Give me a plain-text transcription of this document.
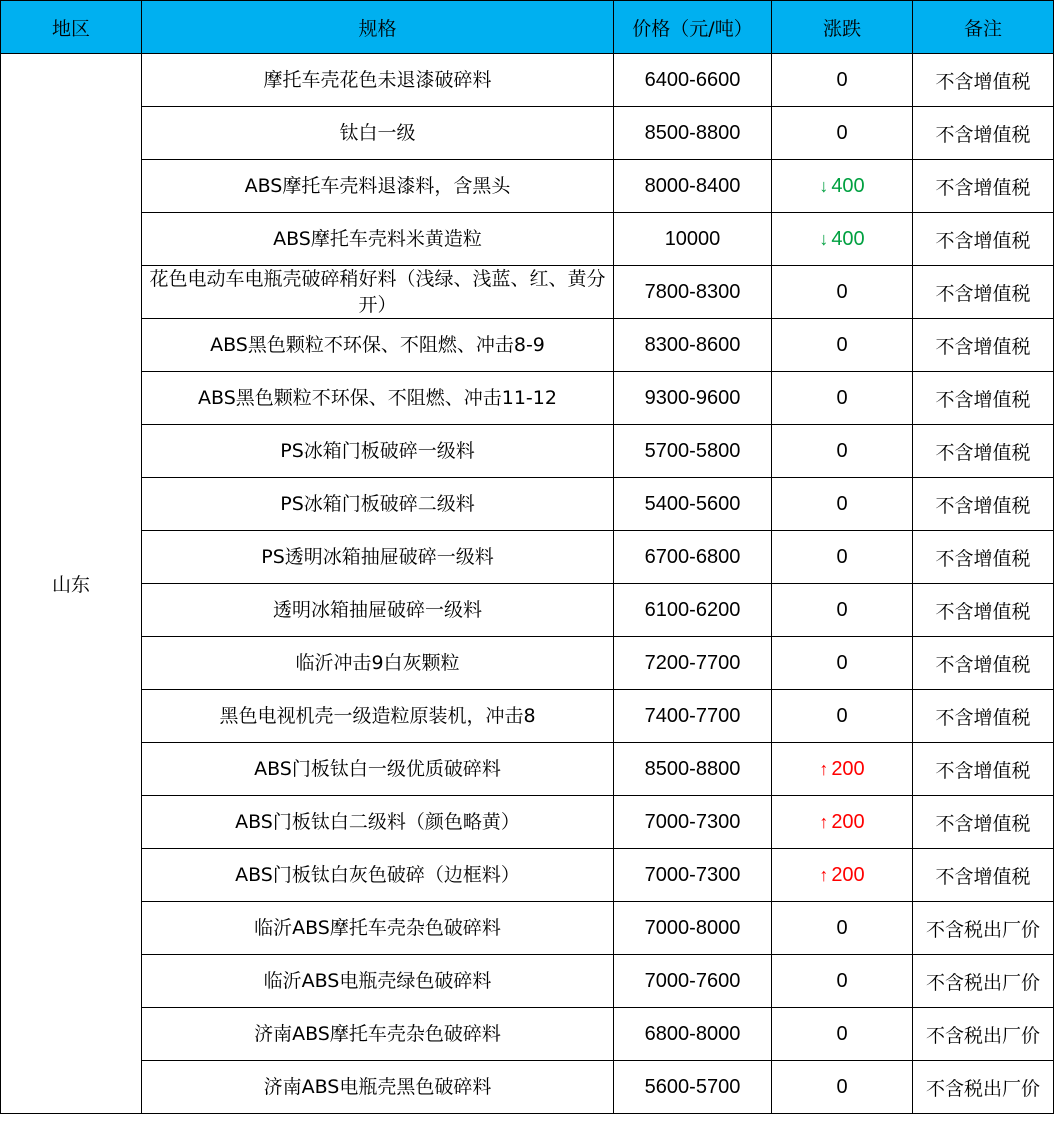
地区	规格	价格（元/吨）	涨跌	备注
山东	摩托车壳花色未退漆破碎料	6400-6600	0	不含增值税
	钛白一级	8500-8800	0	不含增值税
	ABS摩托车壳料退漆料，含黑头	8000-8400	↓ 400	不含增值税
	ABS摩托车壳料米黄造粒	10000	↓ 400	不含增值税
	花色电动车电瓶壳破碎稍好料（浅绿、浅蓝、红、黄分开）	7800-8300	0	不含增值税
	ABS黑色颗粒不环保、不阻燃、冲击8-9	8300-8600	0	不含增值税
	ABS黑色颗粒不环保、不阻燃、冲击11-12	9300-9600	0	不含增值税
	PS冰箱门板破碎一级料	5700-5800	0	不含增值税
	PS冰箱门板破碎二级料	5400-5600	0	不含增值税
	PS透明冰箱抽屉破碎一级料	6700-6800	0	不含增值税
	透明冰箱抽屉破碎一级料	6100-6200	0	不含增值税
	临沂冲击9白灰颗粒	7200-7700	0	不含增值税
	黑色电视机壳一级造粒原装机，冲击8	7400-7700	0	不含增值税
	ABS门板钛白一级优质破碎料	8500-8800	↑ 200	不含增值税
	ABS门板钛白二级料（颜色略黄）	7000-7300	↑ 200	不含增值税
	ABS门板钛白灰色破碎（边框料）	7000-7300	↑ 200	不含增值税
	临沂ABS摩托车壳杂色破碎料	7000-8000	0	不含税出厂价
	临沂ABS电瓶壳绿色破碎料	7000-7600	0	不含税出厂价
	济南ABS摩托车壳杂色破碎料	6800-8000	0	不含税出厂价
	济南ABS电瓶壳黑色破碎料	5600-5700	0	不含税出厂价
